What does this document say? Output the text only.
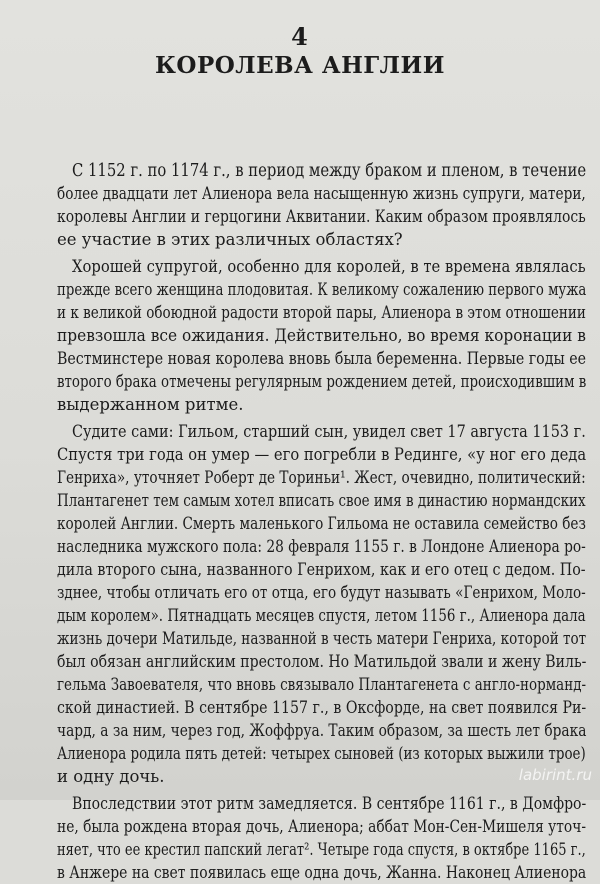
4
КОРОЛЕВА АНГЛИИ
С 1152 г. по 1174 г., в период между браком и пленом, в течение
более двадцати лет Алиенора вела насыщенную жизнь супруги, матери,
королевы Англии и герцогини Аквитании. Каким образом проявлялось
ее участие в этих различных областях?
Хорошей супругой, особенно для королей, в те времена являлась
прежде всего женщина плодовитая. К великому сожалению первого мужа
и к великой обоюдной радости второй пары, Алиенора в этом отношении
превзошла все ожидания. Действительно, во время коронации в
Вестминстере новая королева вновь была беременна. Первые годы ее
второго брака отмечены регулярным рождением детей, происходившим в
выдержанном ритме.
Судите сами: Гильом, старший сын, увидел свет 17 августа 1153 г.
Спустя три года он умер — его погребли в Рединге, «у ног его деда
Генриха», уточняет Роберт де Ториньи¹. Жест, очевидно, политический:
Плантагенет тем самым хотел вписать свое имя в династию нормандских
королей Англии. Смерть маленького Гильома не оставила семейство без
наследника мужского пола: 28 февраля 1155 г. в Лондоне Алиенора ро-
дила второго сына, названного Генрихом, как и его отец с дедом. По-
зднее, чтобы отличать его от отца, его будут называть «Генрихом, Моло-
дым королем». Пятнадцать месяцев спустя, летом 1156 г., Алиенора дала
жизнь дочери Матильде, названной в честь матери Генриха, которой тот
был обязан английским престолом. Но Матильдой звали и жену Виль-
гельма Завоевателя, что вновь связывало Плантагенета с англо-норманд-
ской династией. В сентябре 1157 г., в Оксфорде, на свет появился Ри-
чард, а за ним, через год, Жоффруа. Таким образом, за шесть лет брака
Алиенора родила пять детей: четырех сыновей (из которых выжили трое)
и одну дочь.
Впоследствии этот ритм замедляется. В сентябре 1161 г., в Домфро-
не, была рождена вторая дочь, Алиенора; аббат Мон-Сен-Мишеля уточ-
няет, что ее крестил папский легат². Четыре года спустя, в октябре 1165 г.,
в Анжере на свет появилась еще одна дочь, Жанна. Наконец Алиенора
labirint.ru
